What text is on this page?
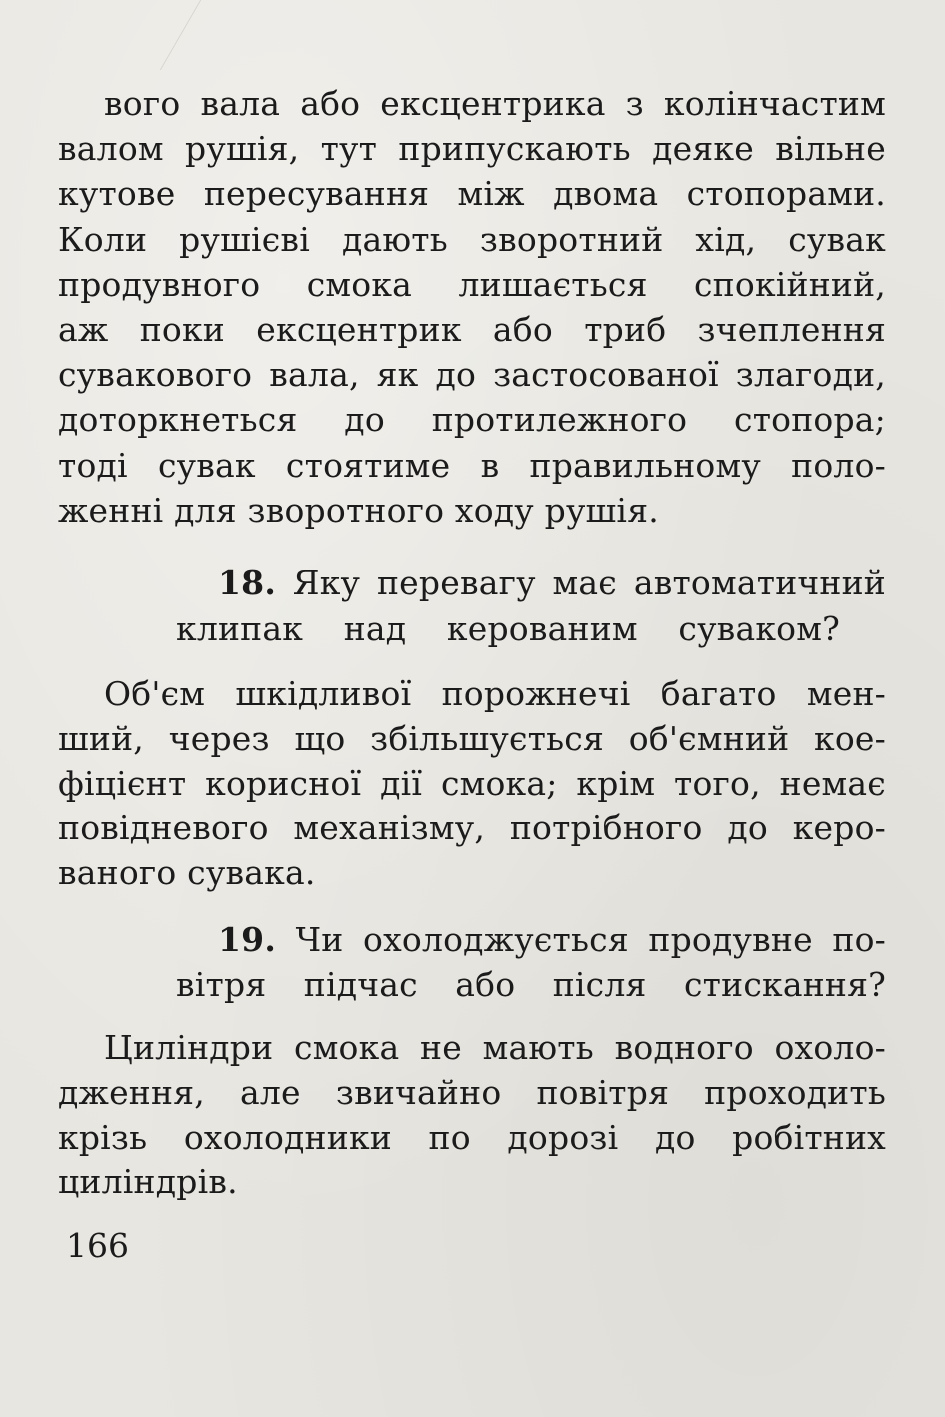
вого вала або ексцентрика з колінчастим
валом рушія, тут припускають деяке вільне
кутове пересування між двома стопорами.
Коли рушієві дають зворотний хід, сувак
продувного смока лишається спокійний,
аж поки ексцентрик або триб зчеплення
сувакового вала, як до застосованої злагоди,
доторкнеться до протилежного стопора;
тоді сувак стоятиме в правильному поло-
женні для зворотного ходу рушія.
18. Яку перевагу має автоматичний
клипак над керованим суваком?
Об'єм шкідливої порожнечі багато мен-
ший, через що збільшується об'ємний кое-
фіцієнт корисної дії смока; крім того, немає
повідневого механізму, потрібного до керо-
ваного сувака.
19. Чи охолоджується продувне по-
вітря підчас або після стискання?
Циліндри смока не мають водного охоло-
дження, але звичайно повітря проходить
крізь охолодники по дорозі до робітних
циліндрів.
166
